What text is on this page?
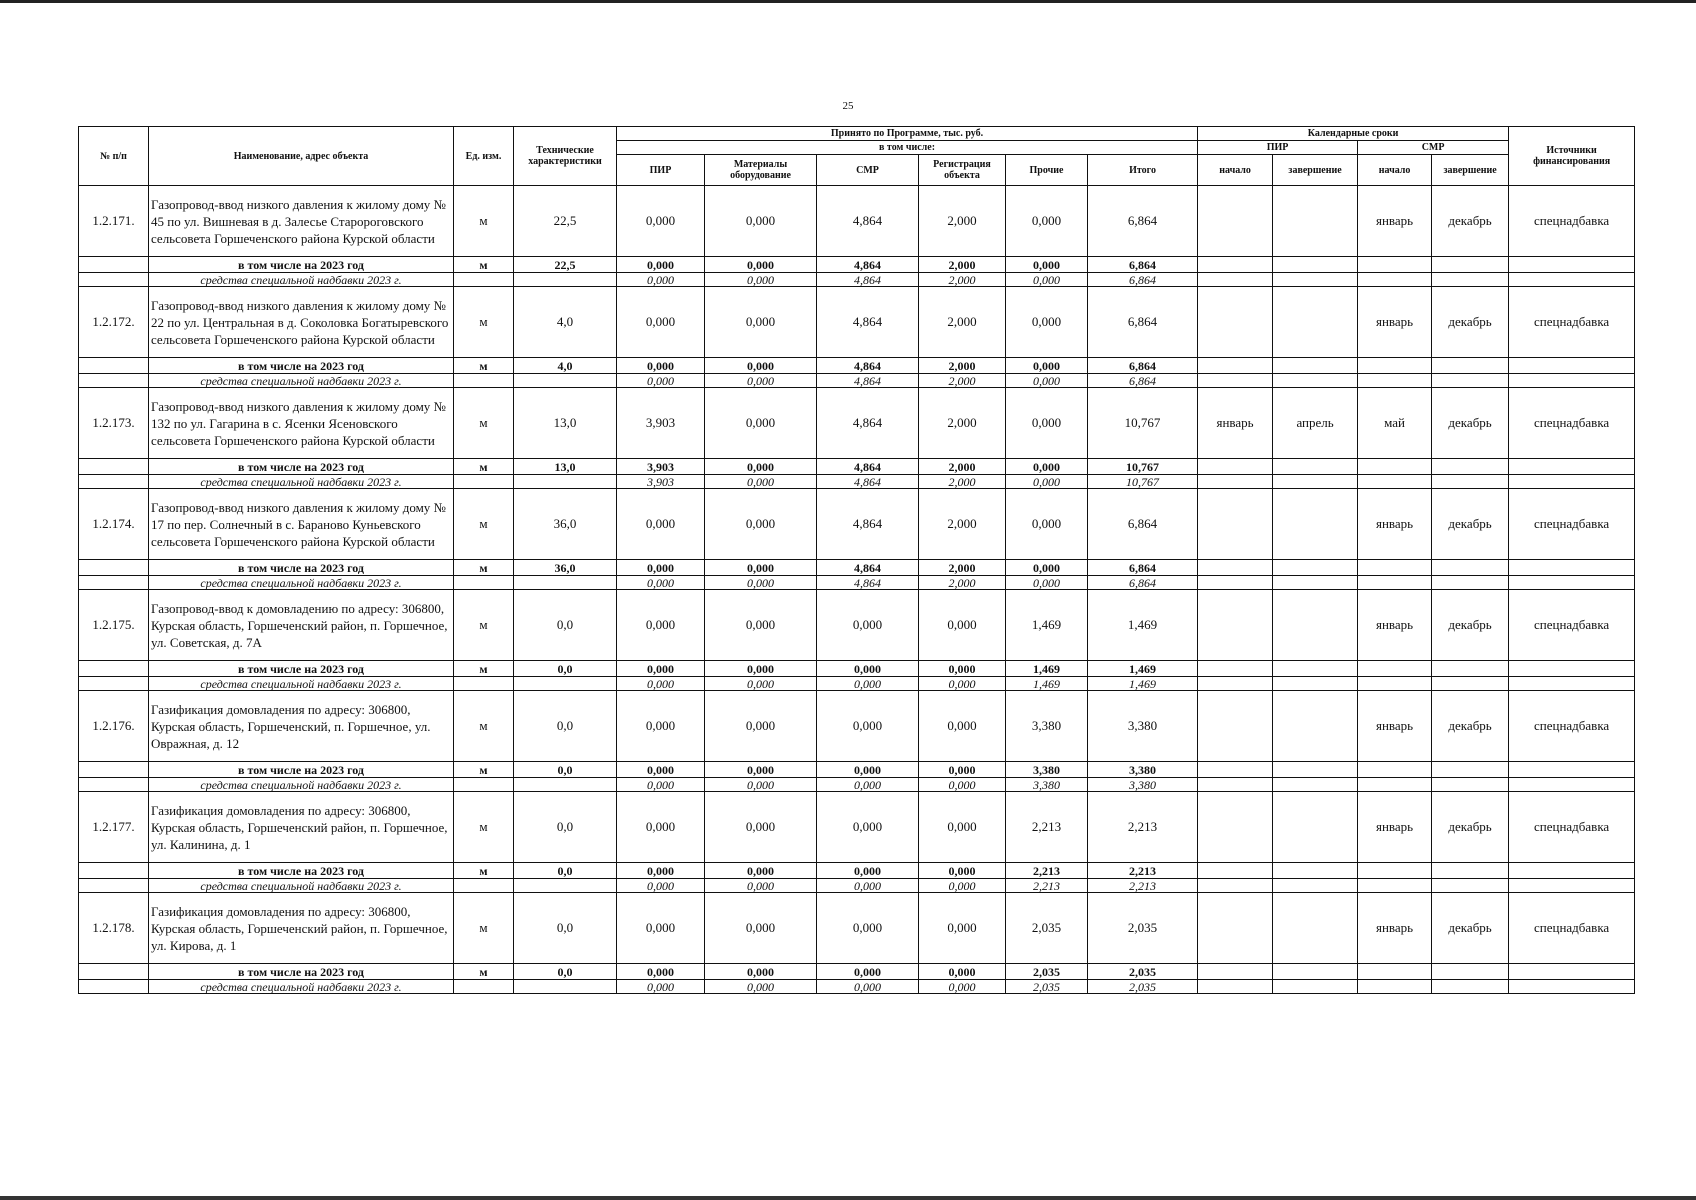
25
№ п/п	Наименование, адрес объекта	Ед. изм.	Технические характеристики	Принято по Программе, тыс. руб.						Календарные сроки				Источники финансирования
				в том числе:						ПИР		СМР		
				ПИР	Материалы оборудование	СМР	Регистрация объекта	Прочие	Итого	начало	завершение	начало	завершение	
1.2.171.	Газопровод-ввод низкого давления к жилому дому № 45 по ул. Вишневая в д. Залесье Старороговского сельсовета Горшеченского района Курской области	м	22,5	0,000	0,000	4,864	2,000	0,000	6,864			январь	декабрь	спецнадбавка
	в том числе на 2023 год	м	22,5	0,000	0,000	4,864	2,000	0,000	6,864					
	средства специальной надбавки 2023 г.			0,000	0,000	4,864	2,000	0,000	6,864					
1.2.172.	Газопровод-ввод низкого давления к жилому дому № 22 по ул. Центральная в д. Соколовка Богатыревского сельсовета Горшеченского района Курской области	м	4,0	0,000	0,000	4,864	2,000	0,000	6,864			январь	декабрь	спецнадбавка
	в том числе на 2023 год	м	4,0	0,000	0,000	4,864	2,000	0,000	6,864					
	средства специальной надбавки 2023 г.			0,000	0,000	4,864	2,000	0,000	6,864					
1.2.173.	Газопровод-ввод низкого давления к жилому дому № 132 по ул. Гагарина в с. Ясенки Ясеновского сельсовета Горшеченского района Курской области	м	13,0	3,903	0,000	4,864	2,000	0,000	10,767	январь	апрель	май	декабрь	спецнадбавка
	в том числе на 2023 год	м	13,0	3,903	0,000	4,864	2,000	0,000	10,767					
	средства специальной надбавки 2023 г.			3,903	0,000	4,864	2,000	0,000	10,767					
1.2.174.	Газопровод-ввод низкого давления к жилому дому № 17 по пер. Солнечный в с. Бараново Куньевского сельсовета Горшеченского района Курской области	м	36,0	0,000	0,000	4,864	2,000	0,000	6,864			январь	декабрь	спецнадбавка
	в том числе на 2023 год	м	36,0	0,000	0,000	4,864	2,000	0,000	6,864					
	средства специальной надбавки 2023 г.			0,000	0,000	4,864	2,000	0,000	6,864					
1.2.175.	Газопровод-ввод к домовладению по адресу: 306800, Курская область, Горшеченский район, п. Горшечное, ул. Советская, д. 7А	м	0,0	0,000	0,000	0,000	0,000	1,469	1,469			январь	декабрь	спецнадбавка
	в том числе на 2023 год	м	0,0	0,000	0,000	0,000	0,000	1,469	1,469					
	средства специальной надбавки 2023 г.			0,000	0,000	0,000	0,000	1,469	1,469					
1.2.176.	Газификация домовладения по адресу: 306800, Курская область, Горшеченский, п. Горшечное, ул. Овражная, д. 12	м	0,0	0,000	0,000	0,000	0,000	3,380	3,380			январь	декабрь	спецнадбавка
	в том числе на 2023 год	м	0,0	0,000	0,000	0,000	0,000	3,380	3,380					
	средства специальной надбавки 2023 г.			0,000	0,000	0,000	0,000	3,380	3,380					
1.2.177.	Газификация домовладения по адресу: 306800, Курская область, Горшеченский район, п. Горшечное, ул. Калинина, д. 1	м	0,0	0,000	0,000	0,000	0,000	2,213	2,213			январь	декабрь	спецнадбавка
	в том числе на 2023 год	м	0,0	0,000	0,000	0,000	0,000	2,213	2,213					
	средства специальной надбавки 2023 г.			0,000	0,000	0,000	0,000	2,213	2,213					
1.2.178.	Газификация домовладения по адресу: 306800, Курская область, Горшеченский район, п. Горшечное, ул. Кирова, д. 1	м	0,0	0,000	0,000	0,000	0,000	2,035	2,035			январь	декабрь	спецнадбавка
	в том числе на 2023 год	м	0,0	0,000	0,000	0,000	0,000	2,035	2,035					
	средства специальной надбавки 2023 г.			0,000	0,000	0,000	0,000	2,035	2,035					
